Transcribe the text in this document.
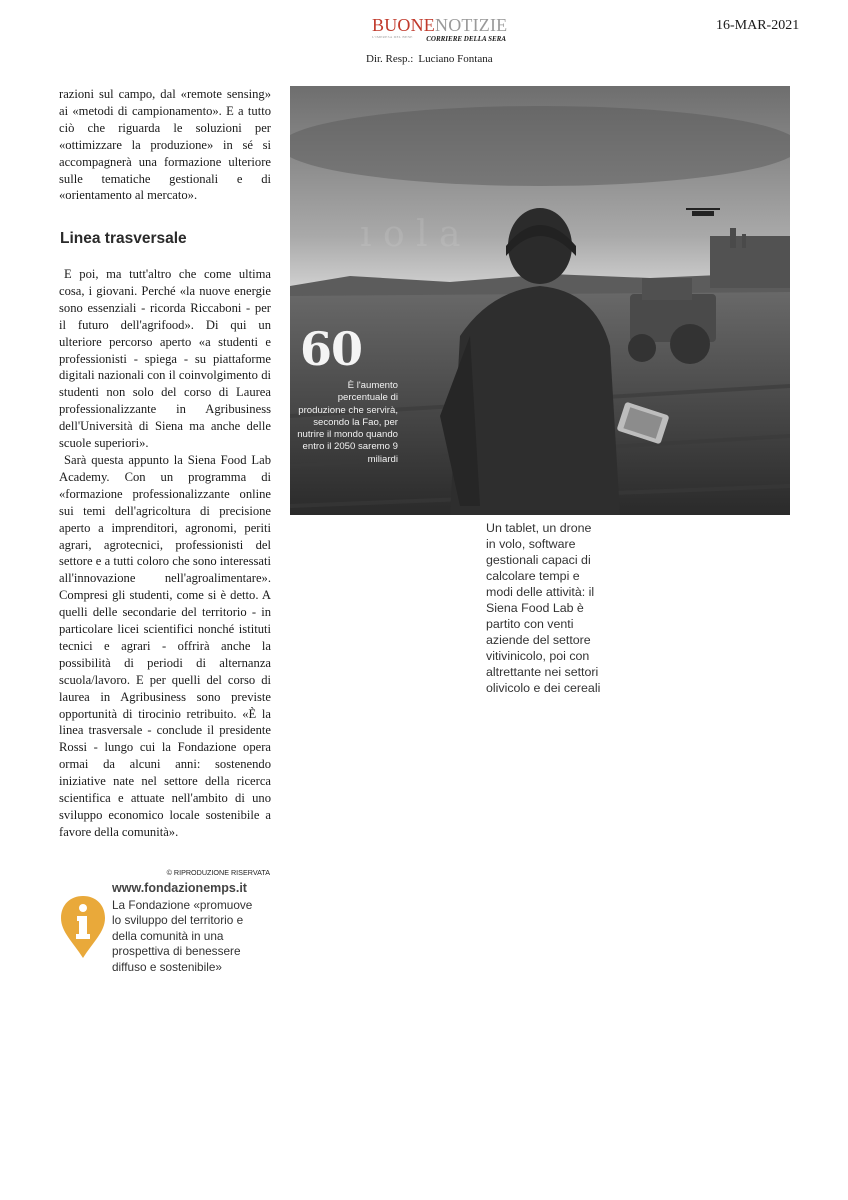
BUONENOTIZIE
L'IMPRESA DEL BENE CORRIERE DELLA SERA
16-MAR-2021
Dir. Resp.: Luciano Fontana

razioni sul campo, dal «remote sensing» ai «metodi di campionamento». E a tutto ciò che riguarda le soluzioni per «ottimizzare la produzione» in sé si accompagnerà una formazione ulteriore sulle tematiche gestionali e di «orientamento al mercato».

Linea trasversale

E poi, ma tutt'altro che come ultima cosa, i giovani. Perché «la nuove energie sono essenziali - ricorda Riccaboni - per il futuro dell'agrifood». Di qui un ulteriore percorso aperto «a studenti e professionisti - spiega - su piattaforme digitali nazionali con il coinvolgimento di studenti non solo del corso di Laurea professionalizzante in Agribusiness dell'Università di Siena ma anche delle scuole superiori».

Sarà questa appunto la Siena Food Lab Academy. Con un programma di «formazione professionalizzante online sui temi dell'agricoltura di precisione aperto a imprenditori, agronomi, periti agrari, agrotecnici, professionisti del settore e a tutti coloro che sono interessati all'innovazione nell'agroalimentare». Compresi gli studenti, come si è detto. A quelli delle secondarie del territorio - in particolare licei scientifici nonché istituti tecnici e agrari - offrirà anche la possibilità di periodi di alternanza scuola/lavoro. E per quelli del corso di laurea in Agribusiness sono previste opportunità di tirocinio retribuito. «È la linea trasversale - conclude il presidente Rossi - lungo cui la Fondazione opera ormai da alcuni anni: sostenendo iniziative nate nel settore della ricerca scientifica e attuate nell'ambito di uno sviluppo economico locale sostenibile a favore della comunità».

© RIPRODUZIONE RISERVATA
www.fondazionemps.it
La Fondazione «promuove lo sviluppo del territorio e della comunità in una prospettiva di benessere diffuso e sostenibile»
ı o l a
60
È l'aumento percentuale di produzione che servirà, secondo la Fao, per nutrire il mondo quando entro il 2050 saremo 9 miliardi
Un tablet, un drone in volo, software gestionali capaci di calcolare tempi e modi delle attività: il Siena Food Lab è partito con venti aziende del settore vitivinicolo, poi con altrettante nei settori olivicolo e dei cereali
